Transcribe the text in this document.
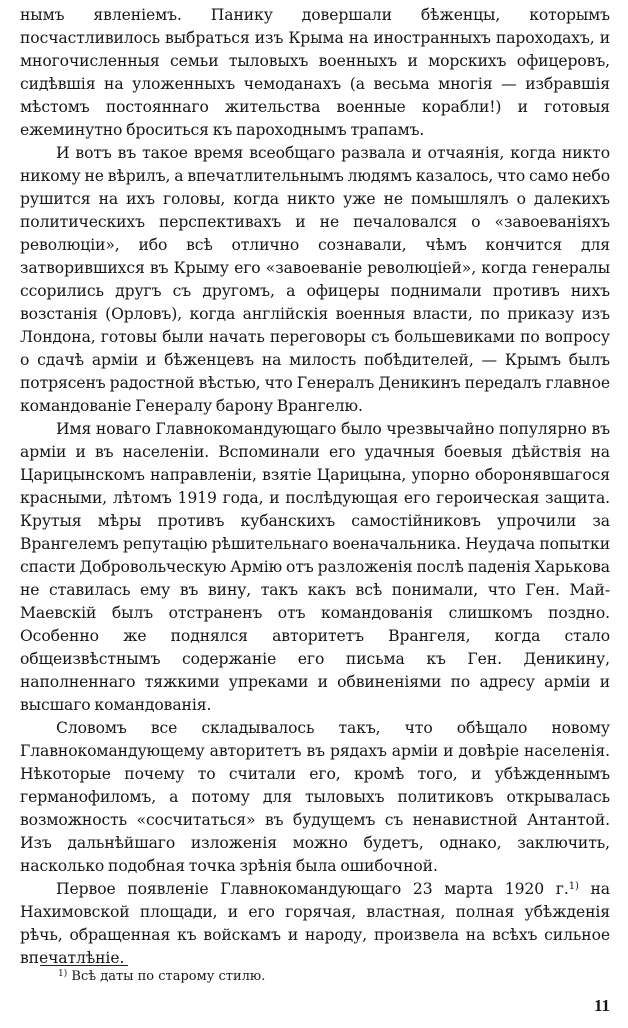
нымъ явленiемъ. Панику довершали бѣженцы, которымъ посчастливилось выбраться изъ Крыма на иностранныхъ пароходахъ, и многочисленныя семьи тыловыхъ военныхъ и морскихъ офицеровъ, сидѣвшiя на уложенныхъ чемоданахъ (а весьма многiя — избравшiя мѣстомъ постояннаго жительства военные корабли!) и готовыя ежеминутно броситься къ пароходнымъ трапамъ.

И вотъ въ такое время всеобщаго развала и отчаянiя, когда никто никому не вѣрилъ, а впечатлительнымъ людямъ казалось, что само небо рушится на ихъ головы, когда никто уже не помышлялъ о далекихъ политическихъ перспективахъ и не печаловался о «завоеванiяхъ революцiи», ибо всѣ отлично сознавали, чѣмъ кончится для затворившихся въ Крыму его «завоеванiе революцiей», когда генералы ссорились другъ съ другомъ, а офицеры поднимали противъ нихъ возстанiя (Орловъ), когда англiйскiя военныя власти, по приказу изъ Лондона, готовы были начать переговоры съ большевиками по вопросу о сдачѣ армiи и бѣженцевъ на милость побѣдителей, — Крымъ былъ потрясенъ радостной вѣстью, что Генералъ Деникинъ передалъ главное командованiе Генералу барону Врангелю.

Имя новаго Главнокомандующаго было чрезвычайно популярно въ армiи и въ населенiи. Вспоминали его удачныя боевыя дѣйствiя на Царицынскомъ направленiи, взятiе Царицына, упорно оборонявшагося красными, лѣтомъ 1919 года, и послѣдующая его героическая защита. Крутыя мѣры противъ кубанскихъ самостiйниковъ упрочили за Врангелемъ репутацiю рѣшительнаго военачальника. Неудача попытки спасти Добровольческую Армiю отъ разложенiя послѣ паденiя Харькова не ставилась ему въ вину, такъ какъ всѣ понимали, что Ген. Май-Маевскiй былъ отстраненъ отъ командованiя слишкомъ поздно. Особенно же поднялся авторитетъ Врангеля, когда стало общеизвѣстнымъ содержанiе его письма къ Ген. Деникину, наполненнаго тяжкими упреками и обвиненiями по адресу армiи и высшаго командованiя.

Словомъ все складывалось такъ, что обѣщало новому Главнокомандующему авторитетъ въ рядахъ армiи и довѣрiе населенiя. Нѣкоторые почему то считали его, кромѣ того, и убѣжденнымъ германофиломъ, а потому для тыловыхъ политиковъ открывалась возможность «сосчитаться» въ будущемъ съ ненавистной Антантой. Изъ дальнѣйшаго изложенiя можно будетъ, однако, заключить, насколько подобная точка зрѣнiя была ошибочной.

Первое появленiе Главнокомандующаго 23 марта 1920 г.$^{1)}$ на Нахимовской площади, и его горячая, властная, полная убѣжденiя рѣчь, обращенная къ войскамъ и народу, произвела на всѣхъ сильное впечатлѣнiе.

$^{1)}$ Всѣ даты по старому стилю.
11
